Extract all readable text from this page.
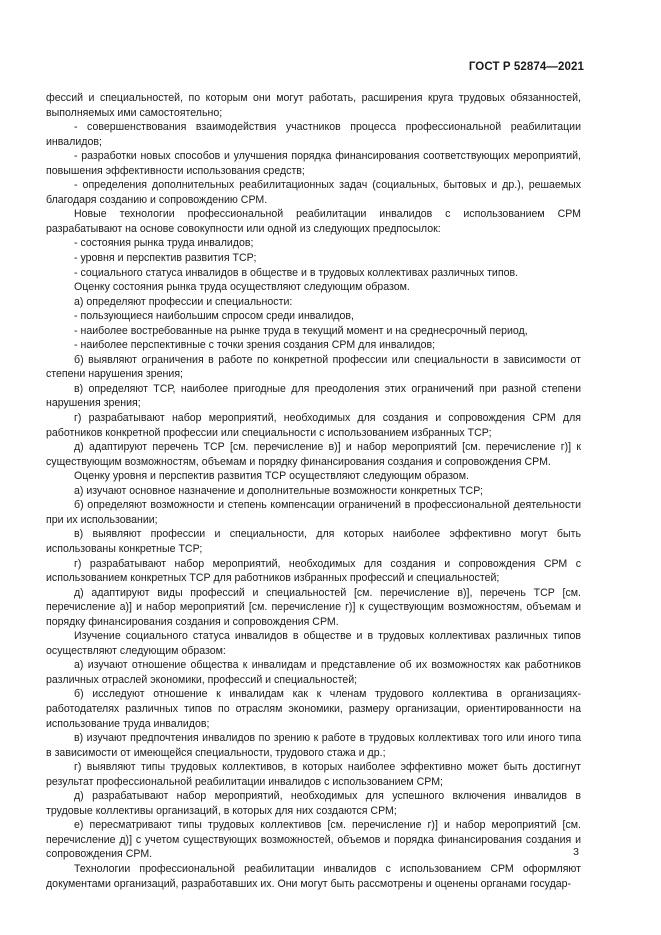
ГОСТ Р 52874—2021

фессий и специальностей, по которым они могут работать, расширения круга трудовых обязанностей, выполняемых ими самостоятельно;

- совершенствования взаимодействия участников процесса профессиональной реабилитации инвалидов;

- разработки новых способов и улучшения порядка финансирования соответствующих мероприятий, повышения эффективности использования средств;

- определения дополнительных реабилитационных задач (социальных, бытовых и др.), решаемых благодаря созданию и сопровождению СРМ.

Новые технологии профессиональной реабилитации инвалидов с использованием СРМ разрабатывают на основе совокупности или одной из следующих предпосылок:

- состояния рынка труда инвалидов;

- уровня и перспектив развития ТСР;

- социального статуса инвалидов в обществе и в трудовых коллективах различных типов.

Оценку состояния рынка труда осуществляют следующим образом.

а) определяют профессии и специальности:

- пользующиеся наибольшим спросом среди инвалидов,

- наиболее востребованные на рынке труда в текущий момент и на среднесрочный период,

- наиболее перспективные с точки зрения создания СРМ для инвалидов;

б) выявляют ограничения в работе по конкретной профессии или специальности в зависимости от степени нарушения зрения;

в) определяют ТСР, наиболее пригодные для преодоления этих ограничений при разной степени нарушения зрения;

г) разрабатывают набор мероприятий, необходимых для создания и сопровождения СРМ для работников конкретной профессии или специальности с использованием избранных ТСР;

д) адаптируют перечень ТСР [см. перечисление в)] и набор мероприятий [см. перечисление г)] к существующим возможностям, объемам и порядку финансирования создания и сопровождения СРМ.

Оценку уровня и перспектив развития ТСР осуществляют следующим образом.

а) изучают основное назначение и дополнительные возможности конкретных ТСР;

б) определяют возможности и степень компенсации ограничений в профессиональной деятельности при их использовании;

в) выявляют профессии и специальности, для которых наиболее эффективно могут быть использованы конкретные ТСР;

г) разрабатывают набор мероприятий, необходимых для создания и сопровождения СРМ с использованием конкретных ТСР для работников избранных профессий и специальностей;

д) адаптируют виды профессий и специальностей [см. перечисление в)], перечень ТСР [см. перечисление а)] и набор мероприятий [см. перечисление г)] к существующим возможностям, объемам и порядку финансирования создания и сопровождения СРМ.

Изучение социального статуса инвалидов в обществе и в трудовых коллективах различных типов осуществляют следующим образом:

а) изучают отношение общества к инвалидам и представление об их возможностях как работников различных отраслей экономики, профессий и специальностей;

б) исследуют отношение к инвалидам как к членам трудового коллектива в организациях-работодателях различных типов по отраслям экономики, размеру организации, ориентированности на использование труда инвалидов;

в) изучают предпочтения инвалидов по зрению к работе в трудовых коллективах того или иного типа в зависимости от имеющейся специальности, трудового стажа и др.;

г) выявляют типы трудовых коллективов, в которых наиболее эффективно может быть достигнут результат профессиональной реабилитации инвалидов с использованием СРМ;

д) разрабатывают набор мероприятий, необходимых для успешного включения инвалидов в трудовые коллективы организаций, в которых для них создаются СРМ;

е) пересматривают типы трудовых коллективов [см. перечисление г)] и набор мероприятий [см. перечисление д)] с учетом существующих возможностей, объемов и порядка финансирования создания и сопровождения СРМ.

Технологии профессиональной реабилитации инвалидов с использованием СРМ оформляют документами организаций, разработавших их. Они могут быть рассмотрены и оценены органами государ-

3
